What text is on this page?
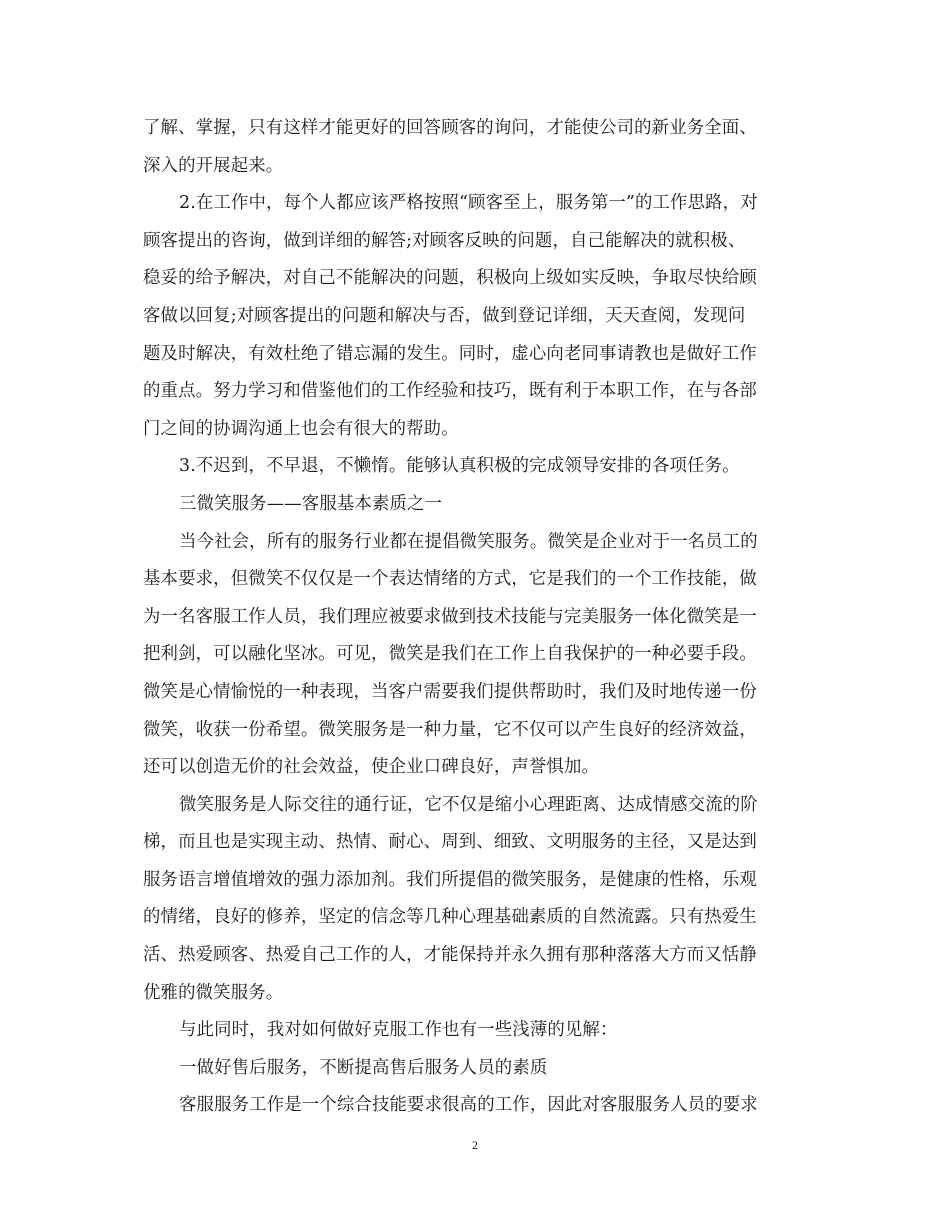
了解、掌握，只有这样才能更好的回答顾客的询问，才能使公司的新业务全面、
深入的开展起来。
2.在工作中，每个人都应该严格按照“顾客至上，服务第一”的工作思路，对
顾客提出的咨询，做到详细的解答;对顾客反映的问题，自己能解决的就积极、
稳妥的给予解决，对自己不能解决的问题，积极向上级如实反映，争取尽快给顾
客做以回复;对顾客提出的问题和解决与否，做到登记详细，天天查阅，发现问
题及时解决，有效杜绝了错忘漏的发生。同时，虚心向老同事请教也是做好工作
的重点。努力学习和借鉴他们的工作经验和技巧，既有利于本职工作，在与各部
门之间的协调沟通上也会有很大的帮助。
3.不迟到，不早退，不懒惰。能够认真积极的完成领导安排的各项任务。
三微笑服务——客服基本素质之一
当今社会，所有的服务行业都在提倡微笑服务。微笑是企业对于一名员工的
基本要求，但微笑不仅仅是一个表达情绪的方式，它是我们的一个工作技能，做
为一名客服工作人员，我们理应被要求做到技术技能与完美服务一体化微笑是一
把利剑，可以融化坚冰。可见，微笑是我们在工作上自我保护的一种必要手段。
微笑是心情愉悦的一种表现，当客户需要我们提供帮助时，我们及时地传递一份
微笑，收获一份希望。微笑服务是一种力量，它不仅可以产生良好的经济效益，
还可以创造无价的社会效益，使企业口碑良好，声誉惧加。
微笑服务是人际交往的通行证，它不仅是缩小心理距离、达成情感交流的阶
梯，而且也是实现主动、热情、耐心、周到、细致、文明服务的主径，又是达到
服务语言增值增效的强力添加剂。我们所提倡的微笑服务，是健康的性格，乐观
的情绪，良好的修养，坚定的信念等几种心理基础素质的自然流露。只有热爱生
活、热爱顾客、热爱自己工作的人，才能保持并永久拥有那种落落大方而又恬静
优雅的微笑服务。
与此同时，我对如何做好克服工作也有一些浅薄的见解：
一做好售后服务，不断提高售后服务人员的素质
客服服务工作是一个综合技能要求很高的工作，因此对客服服务人员的要求
2
